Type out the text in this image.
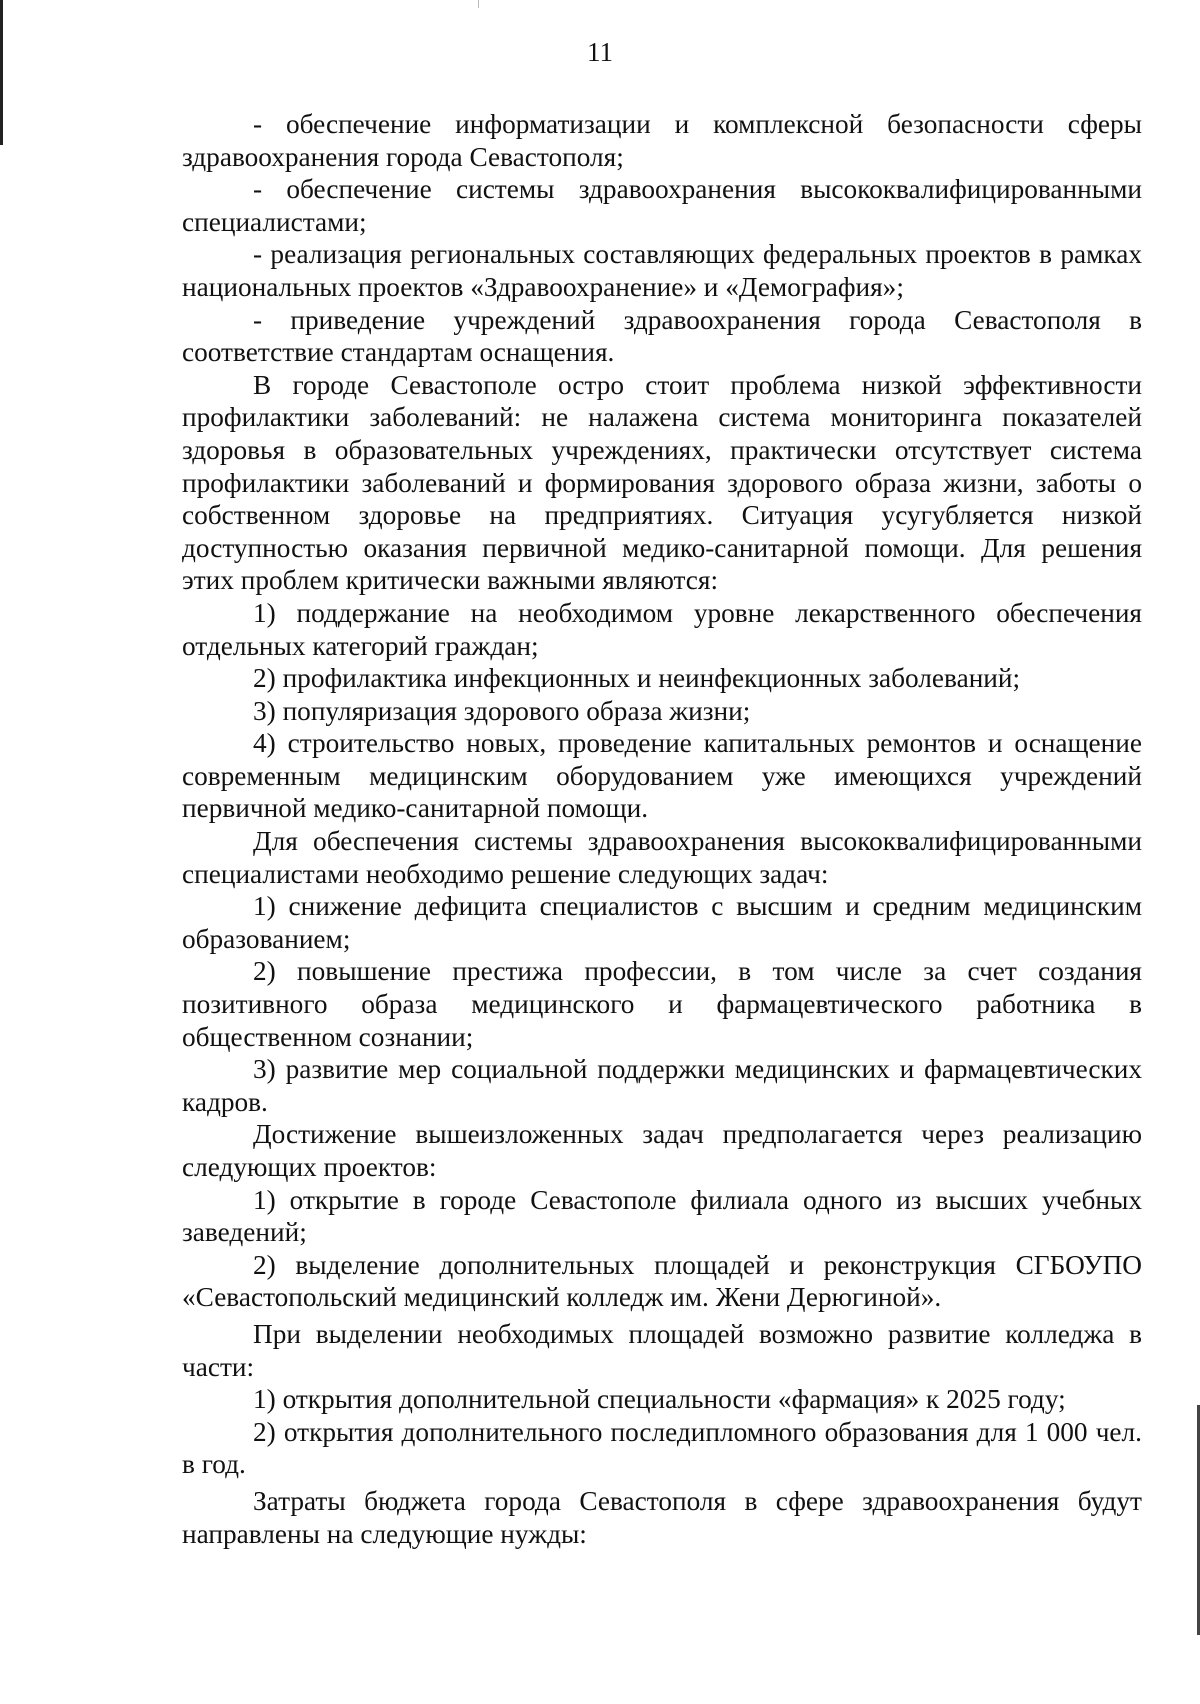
11

- обеспечение информатизации и комплексной безопасности сферы здравоохранения города Севастополя;

- обеспечение системы здравоохранения высококвалифицированными специалистами;

- реализация региональных составляющих федеральных проектов в рамках национальных проектов «Здравоохранение» и «Демография»;

- приведение учреждений здравоохранения города Севастополя в соответствие стандартам оснащения.

В городе Севастополе остро стоит проблема низкой эффективности профилактики заболеваний: не налажена система мониторинга показателей здоровья в образовательных учреждениях, практически отсутствует система профилактики заболеваний и формирования здорового образа жизни, заботы о собственном здоровье на предприятиях. Ситуация усугубляется низкой доступностью оказания первичной медико-санитарной помощи. Для решения этих проблем критически важными являются:

1) поддержание на необходимом уровне лекарственного обеспечения отдельных категорий граждан;

2) профилактика инфекционных и неинфекционных заболеваний;

3) популяризация здорового образа жизни;

4) строительство новых, проведение капитальных ремонтов и оснащение современным медицинским оборудованием уже имеющихся учреждений первичной медико-санитарной помощи.

Для обеспечения системы здравоохранения высококвалифицированными специалистами необходимо решение следующих задач:

1) снижение дефицита специалистов с высшим и средним медицинским образованием;

2) повышение престижа профессии, в том числе за счет создания позитивного образа медицинского и фармацевтического работника в общественном сознании;

3) развитие мер социальной поддержки медицинских и фармацевтических кадров.

Достижение вышеизложенных задач предполагается через реализацию следующих проектов:

1) открытие в городе Севастополе филиала одного из высших учебных заведений;

2) выделение дополнительных площадей и реконструкция СГБОУПО «Севастопольский медицинский колледж им. Жени Дерюгиной».

При выделении необходимых площадей возможно развитие колледжа в части:

1) открытия дополнительной специальности «фармация» к 2025 году;

2) открытия дополнительного последипломного образования для 1 000 чел. в год.

Затраты бюджета города Севастополя в сфере здравоохранения будут направлены на следующие нужды:
